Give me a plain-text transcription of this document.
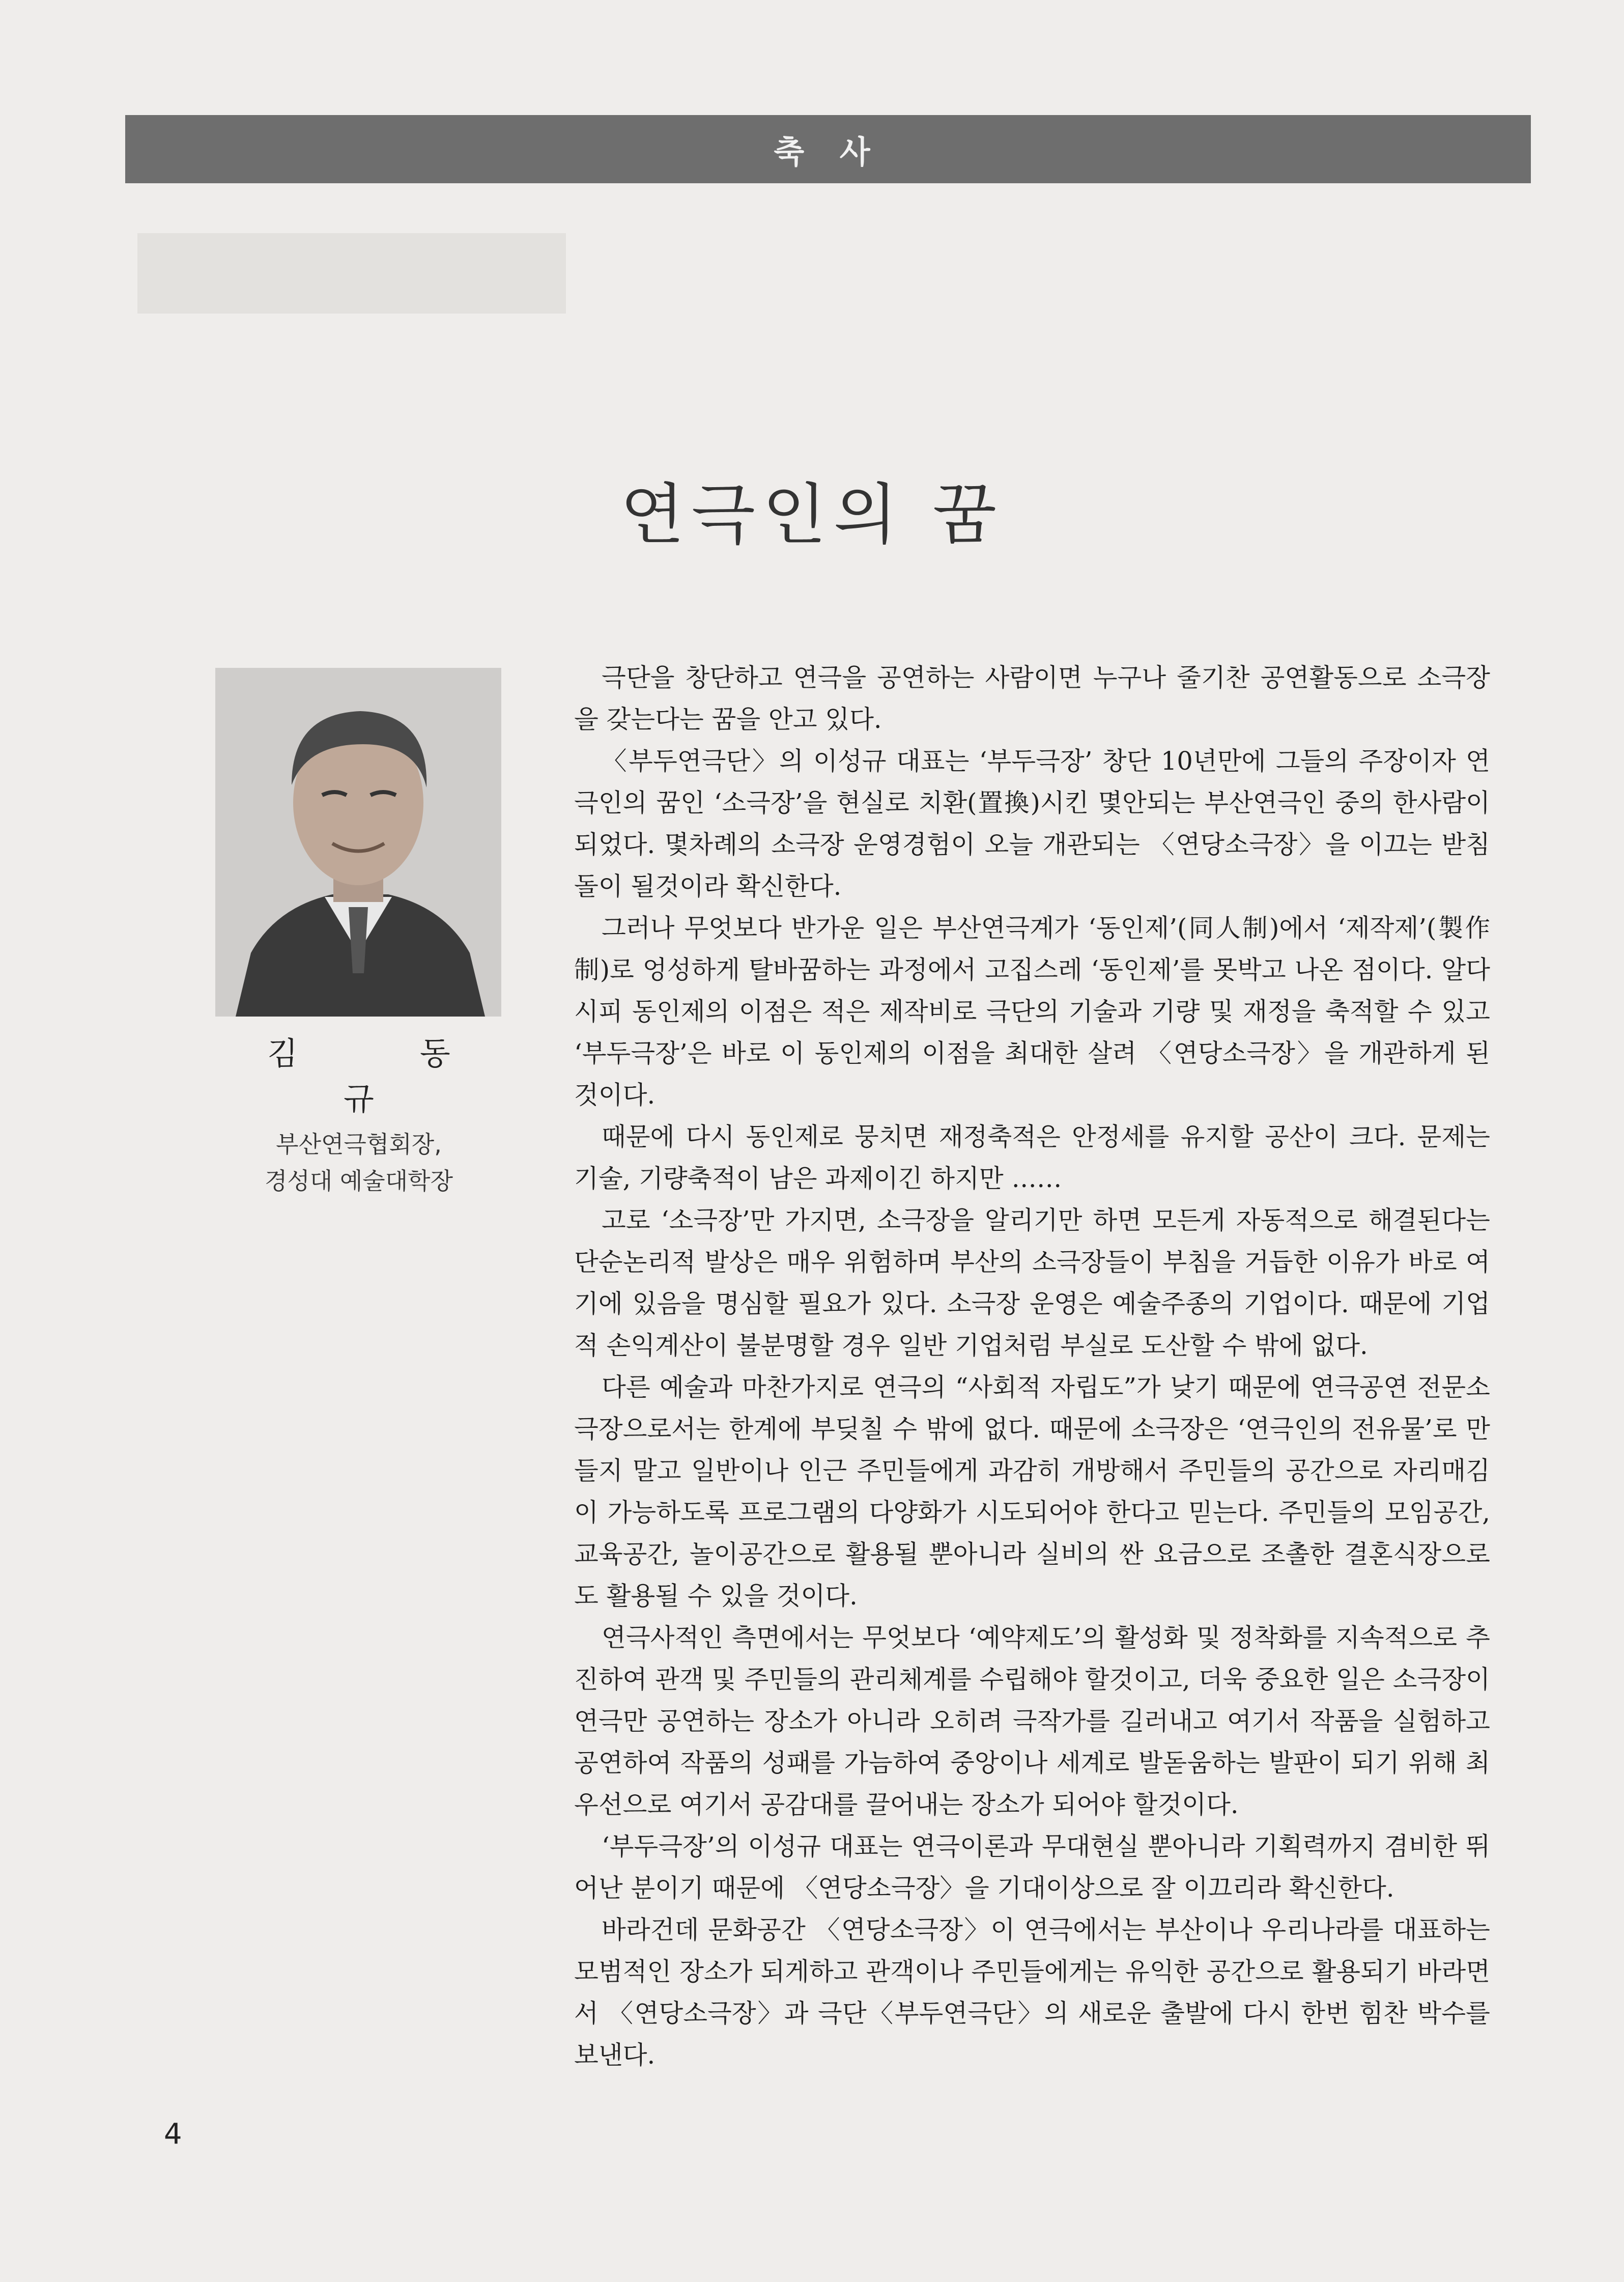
축 사
연극인의 꿈
김 동 규
부산연극협회장,
경성대 예술대학장

극단을 창단하고 연극을 공연하는 사람이면 누구나 줄기찬 공연활동으로 소극장을 갖는다는 꿈을 안고 있다.

〈부두연극단〉의 이성규 대표는 ‘부두극장’ 창단 10년만에 그들의 주장이자 연극인의 꿈인 ‘소극장’을 현실로 치환(置換)시킨 몇안되는 부산연극인 중의 한사람이 되었다. 몇차례의 소극장 운영경험이 오늘 개관되는 〈연당소극장〉을 이끄는 받침돌이 될것이라 확신한다.

그러나 무엇보다 반가운 일은 부산연극계가 ‘동인제’(同人制)에서 ‘제작제’(製作制)로 엉성하게 탈바꿈하는 과정에서 고집스레 ‘동인제’를 못박고 나온 점이다. 알다시피 동인제의 이점은 적은 제작비로 극단의 기술과 기량 및 재정을 축적할 수 있고 ‘부두극장’은 바로 이 동인제의 이점을 최대한 살려 〈연당소극장〉을 개관하게 된것이다.

때문에 다시 동인제로 뭉치면 재정축적은 안정세를 유지할 공산이 크다. 문제는 기술, 기량축적이 남은 과제이긴 하지만 ……

고로 ‘소극장’만 가지면, 소극장을 알리기만 하면 모든게 자동적으로 해결된다는 단순논리적 발상은 매우 위험하며 부산의 소극장들이 부침을 거듭한 이유가 바로 여기에 있음을 명심할 필요가 있다. 소극장 운영은 예술주종의 기업이다. 때문에 기업적 손익계산이 불분명할 경우 일반 기업처럼 부실로 도산할 수 밖에 없다.

다른 예술과 마찬가지로 연극의 “사회적 자립도”가 낮기 때문에 연극공연 전문소극장으로서는 한계에 부딪칠 수 밖에 없다. 때문에 소극장은 ‘연극인의 전유물’로 만들지 말고 일반이나 인근 주민들에게 과감히 개방해서 주민들의 공간으로 자리매김이 가능하도록 프로그램의 다양화가 시도되어야 한다고 믿는다. 주민들의 모임공간, 교육공간, 놀이공간으로 활용될 뿐아니라 실비의 싼 요금으로 조촐한 결혼식장으로도 활용될 수 있을 것이다.

연극사적인 측면에서는 무엇보다 ‘예약제도’의 활성화 및 정착화를 지속적으로 추진하여 관객 및 주민들의 관리체계를 수립해야 할것이고, 더욱 중요한 일은 소극장이 연극만 공연하는 장소가 아니라 오히려 극작가를 길러내고 여기서 작품을 실험하고 공연하여 작품의 성패를 가늠하여 중앙이나 세계로 발돋움하는 발판이 되기 위해 최우선으로 여기서 공감대를 끌어내는 장소가 되어야 할것이다.

‘부두극장’의 이성규 대표는 연극이론과 무대현실 뿐아니라 기획력까지 겸비한 뛰어난 분이기 때문에 〈연당소극장〉을 기대이상으로 잘 이끄리라 확신한다.

바라건데 문화공간 〈연당소극장〉이 연극에서는 부산이나 우리나라를 대표하는 모범적인 장소가 되게하고 관객이나 주민들에게는 유익한 공간으로 활용되기 바라면서 〈연당소극장〉과 극단〈부두연극단〉의 새로운 출발에 다시 한번 힘찬 박수를 보낸다.

4
